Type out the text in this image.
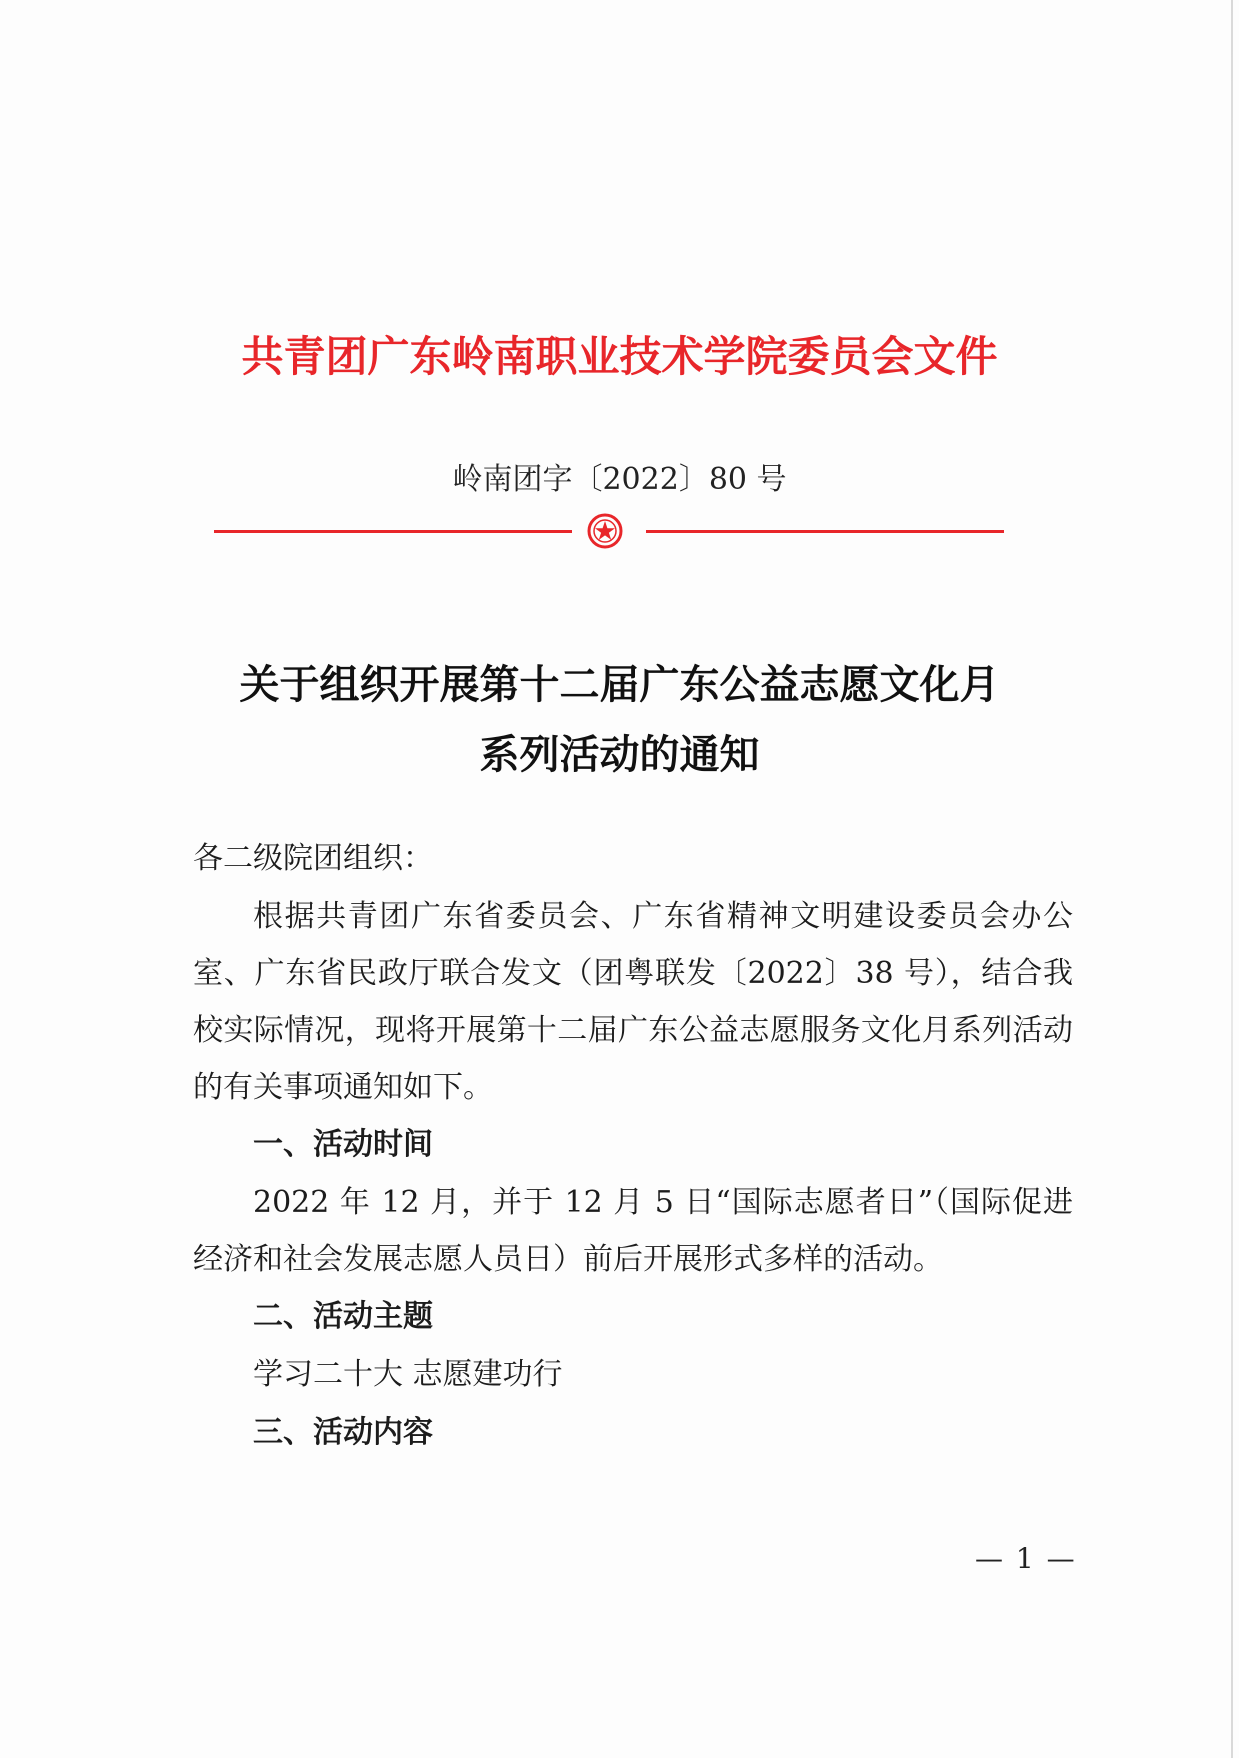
共青团广东岭南职业技术学院委员会文件
岭南团字〔2022〕80 号
关于组织开展第十二届广东公益志愿文化月
系列活动的通知

各二级院团组织：

根据共青团广东省委员会、广东省精神文明建设委员会办公室、广东省民政厅联合发文（团粤联发〔2022〕38 号），结合我校实际情况，现将开展第十二届广东公益志愿服务文化月系列活动的有关事项通知如下。

一、活动时间

2022 年 12 月，并于 12 月 5 日“国际志愿者日”（国际促进经济和社会发展志愿人员日）前后开展形式多样的活动。

二、活动主题

学习二十大 志愿建功行

三、活动内容

— 1 —
